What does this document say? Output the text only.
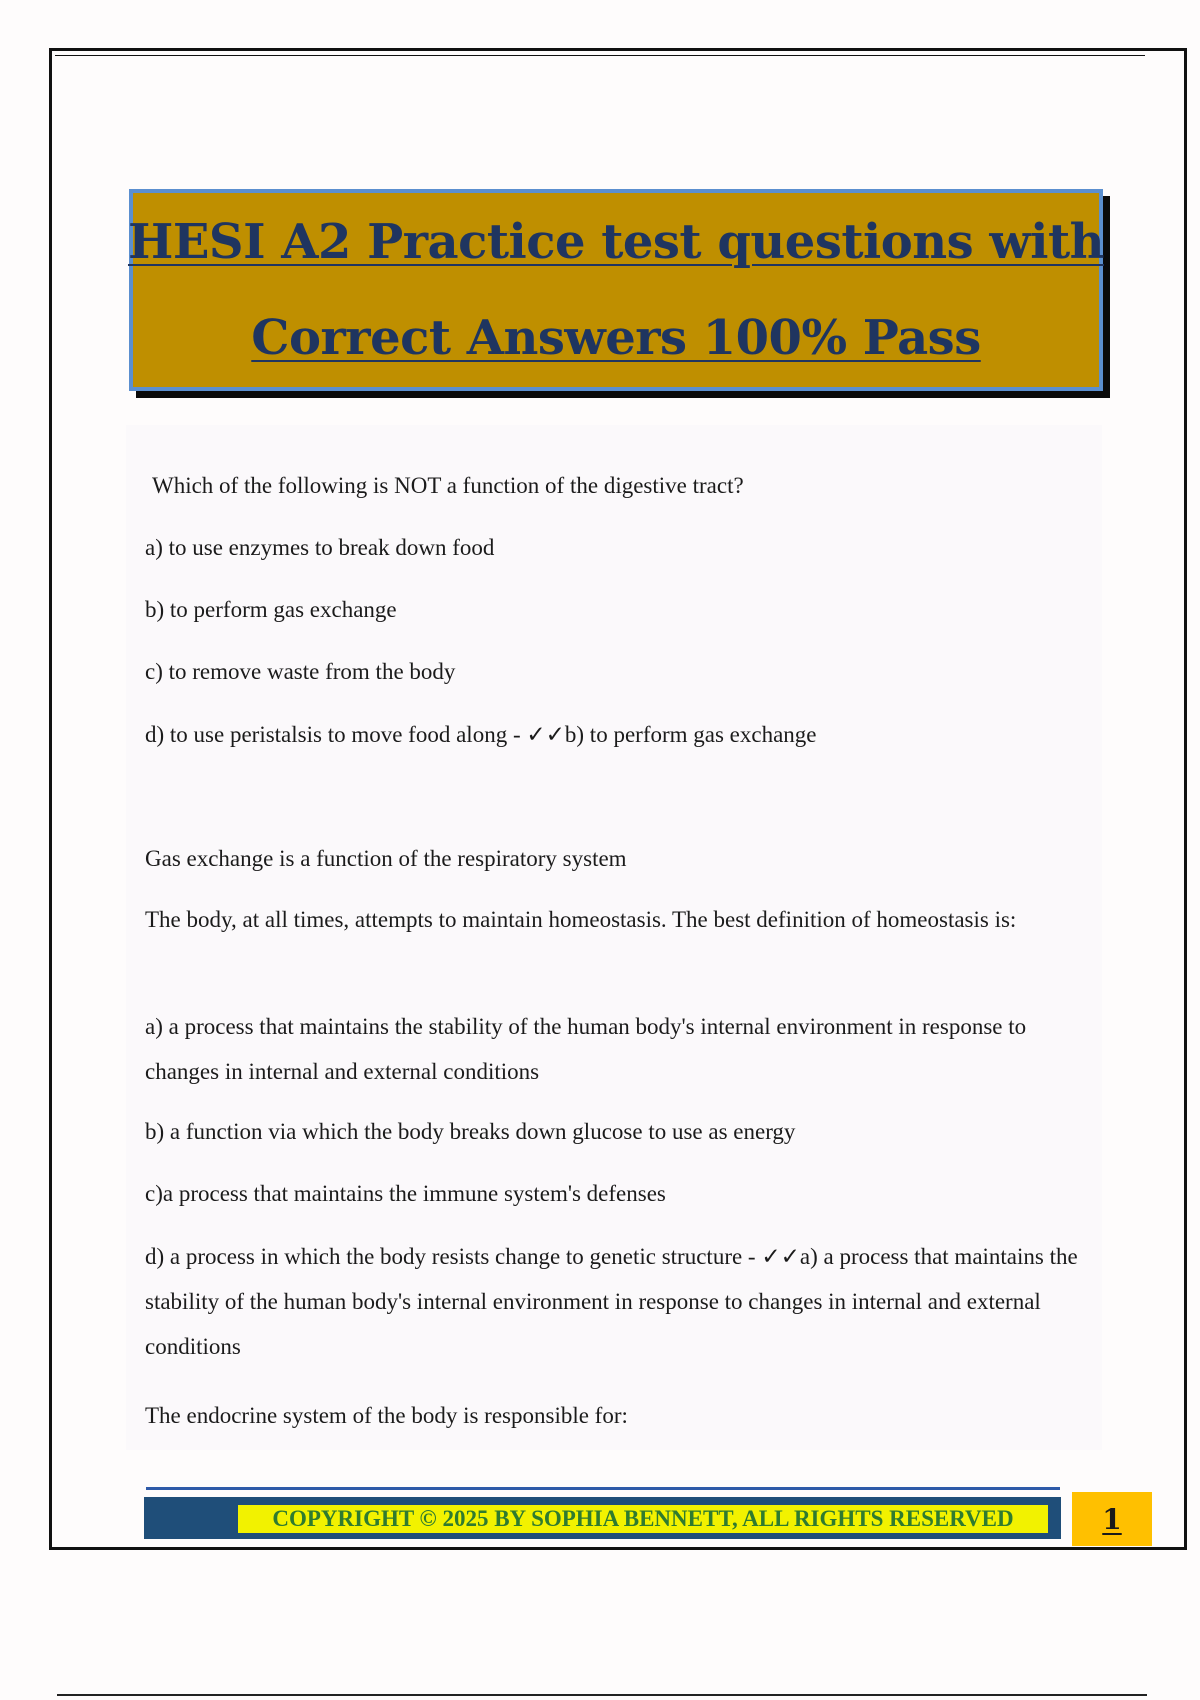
HESI A2 Practice test questions with
Correct Answers 100% Pass

Which of the following is NOT a function of the digestive tract?

a) to use enzymes to break down food

b) to perform gas exchange

c) to remove waste from the body

d) to use peristalsis to move food along - ✓✓b) to perform gas exchange

Gas exchange is a function of the respiratory system

The body, at all times, attempts to maintain homeostasis. The best definition of homeostasis is:

a) a process that maintains the stability of the human body's internal environment in response to changes in internal and external conditions

b) a function via which the body breaks down glucose to use as energy

c)a process that maintains the immune system's defenses

d) a process in which the body resists change to genetic structure - ✓✓a) a process that maintains the stability of the human body's internal environment in response to changes in internal and external conditions

The endocrine system of the body is responsible for:

COPYRIGHT © 2025 BY SOPHIA BENNETT, ALL RIGHTS RESERVED	1
